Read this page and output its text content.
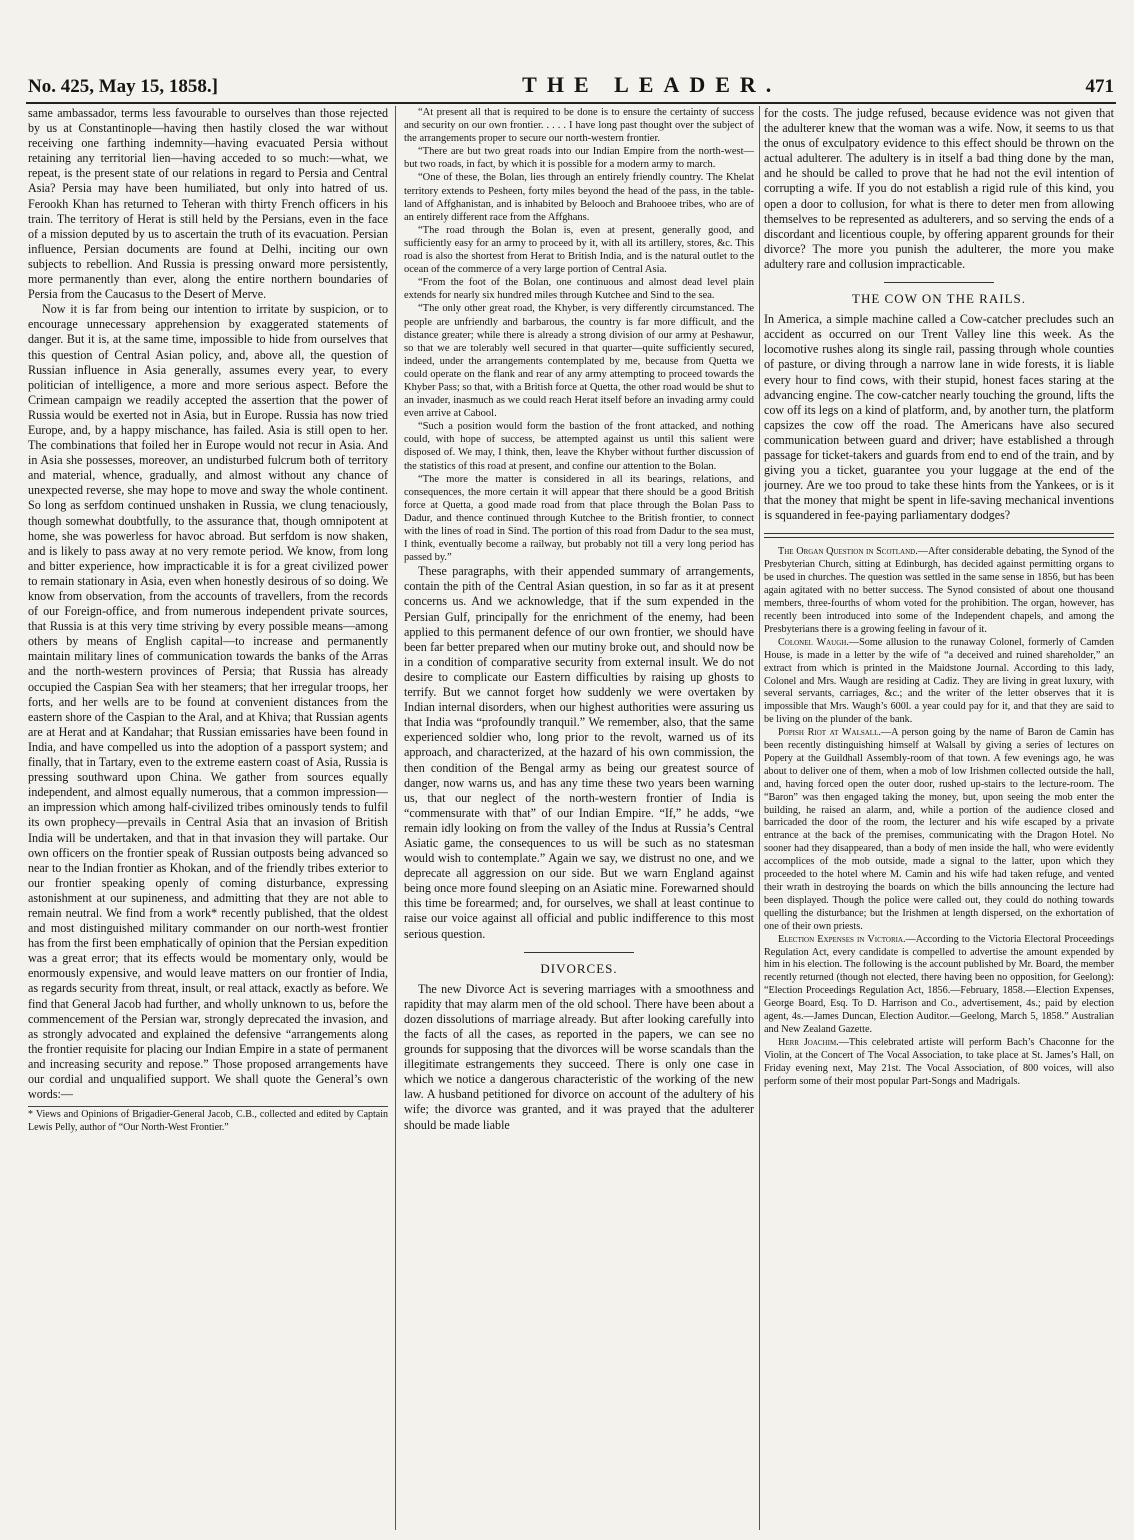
No. 425, May 15, 1858.]	THE LEADER.	471

same ambassador, terms less favourable to ourselves than those rejected by us at Constantinople—having then hastily closed the war without receiving one farthing indemnity—having evacuated Persia without retaining any territorial lien—having acceded to so much:—what, we repeat, is the present state of our relations in regard to Persia and Central Asia? Persia may have been humiliated, but only into hatred of us. Ferookh Khan has returned to Teheran with thirty French officers in his train. The territory of Herat is still held by the Persians, even in the face of a mission deputed by us to ascertain the truth of its evacuation. Persian influence, Persian documents are found at Delhi, inciting our own subjects to rebellion. And Russia is pressing onward more persistently, more permanently than ever, along the entire northern boundaries of Persia from the Caucasus to the Desert of Merve.

Now it is far from being our intention to irritate by suspicion, or to encourage unnecessary apprehension by exaggerated statements of danger. But it is, at the same time, impossible to hide from ourselves that this question of Central Asian policy, and, above all, the question of Russian influence in Asia generally, assumes every year, to every politician of intelligence, a more and more serious aspect. Before the Crimean campaign we readily accepted the assertion that the power of Russia would be exerted not in Asia, but in Europe. Russia has now tried Europe, and, by a happy mischance, has failed. Asia is still open to her. The combinations that foiled her in Europe would not recur in Asia. And in Asia she possesses, moreover, an undisturbed fulcrum both of territory and material, whence, gradually, and almost without any chance of unexpected reverse, she may hope to move and sway the whole continent. So long as serfdom continued unshaken in Russia, we clung tenaciously, though somewhat doubtfully, to the assurance that, though omnipotent at home, she was powerless for havoc abroad. But serfdom is now shaken, and is likely to pass away at no very remote period. We know, from long and bitter experience, how impracticable it is for a great civilized power to remain stationary in Asia, even when honestly desirous of so doing. We know from observation, from the accounts of travellers, from the records of our Foreign-office, and from numerous independent private sources, that Russia is at this very time striving by every possible means—among others by means of English capital—to increase and permanently maintain military lines of communication towards the banks of the Arras and the north-western provinces of Persia; that Russia has already occupied the Caspian Sea with her steamers; that her irregular troops, her forts, and her wells are to be found at convenient distances from the eastern shore of the Caspian to the Aral, and at Khiva; that Russian agents are at Herat and at Kandahar; that Russian emissaries have been found in India, and have compelled us into the adoption of a passport system; and finally, that in Tartary, even to the extreme eastern coast of Asia, Russia is pressing southward upon China. We gather from sources equally independent, and almost equally numerous, that a common impression—an impression which among half-civilized tribes ominously tends to fulfil its own prophecy—prevails in Central Asia that an invasion of British India will be undertaken, and that in that invasion they will partake. Our own officers on the frontier speak of Russian outposts being advanced so near to the Indian frontier as Khokan, and of the friendly tribes exterior to our frontier speaking openly of coming disturbance, expressing astonishment at our supineness, and admitting that they are not able to remain neutral. We find from a work* recently published, that the oldest and most distinguished military commander on our north-west frontier has from the first been emphatically of opinion that the Persian expedition was a great error; that its effects would be momentary only, would be enormously expensive, and would leave matters on our frontier of India, as regards security from threat, insult, or real attack, exactly as before. We find that General Jacob had further, and wholly unknown to us, before the commencement of the Persian war, strongly deprecated the invasion, and as strongly advocated and explained the defensive “arrangements along the frontier requisite for placing our Indian Empire in a state of permanent and increasing security and repose.” Those proposed arrangements have our cordial and unqualified support. We shall quote the General’s own words:—

* Views and Opinions of Brigadier-General Jacob, C.B., collected and edited by Captain Lewis Pelly, author of “Our North-West Frontier.”

“At present all that is required to be done is to ensure the certainty of success and security on our own frontier. . . . . I have long past thought over the subject of the arrangements proper to secure our north-western frontier.

“There are but two great roads into our Indian Empire from the north-west—but two roads, in fact, by which it is possible for a modern army to march.

“One of these, the Bolan, lies through an entirely friendly country. The Khelat territory extends to Pesheen, forty miles beyond the head of the pass, in the table-land of Affghanistan, and is inhabited by Belooch and Brahooee tribes, who are of an entirely different race from the Affghans.

“The road through the Bolan is, even at present, generally good, and sufficiently easy for an army to proceed by it, with all its artillery, stores, &c. This road is also the shortest from Herat to British India, and is the natural outlet to the ocean of the commerce of a very large portion of Central Asia.

“From the foot of the Bolan, one continuous and almost dead level plain extends for nearly six hundred miles through Kutchee and Sind to the sea.

“The only other great road, the Khyber, is very differently circumstanced. The people are unfriendly and barbarous, the country is far more difficult, and the distance greater; while there is already a strong division of our army at Peshawur, so that we are tolerably well secured in that quarter—quite sufficiently secured, indeed, under the arrangements contemplated by me, because from Quetta we could operate on the flank and rear of any army attempting to proceed towards the Khyber Pass; so that, with a British force at Quetta, the other road would be shut to an invader, inasmuch as we could reach Herat itself before an invading army could even arrive at Cabool.

“Such a position would form the bastion of the front attacked, and nothing could, with hope of success, be attempted against us until this salient were disposed of. We may, I think, then, leave the Khyber without further discussion of the statistics of this road at present, and confine our attention to the Bolan.

“The more the matter is considered in all its bearings, relations, and consequences, the more certain it will appear that there should be a good British force at Quetta, a good made road from that place through the Bolan Pass to Dadur, and thence continued through Kutchee to the British frontier, to connect with the lines of road in Sind. The portion of this road from Dadur to the sea must, I think, eventually become a railway, but probably not till a very long period has passed by.”

These paragraphs, with their appended summary of arrangements, contain the pith of the Central Asian question, in so far as it at present concerns us. And we acknowledge, that if the sum expended in the Persian Gulf, principally for the enrichment of the enemy, had been applied to this permanent defence of our own frontier, we should have been far better prepared when our mutiny broke out, and should now be in a condition of comparative security from external insult. We do not desire to complicate our Eastern difficulties by raising up ghosts to terrify. But we cannot forget how suddenly we were overtaken by Indian internal disorders, when our highest authorities were assuring us that India was “profoundly tranquil.” We remember, also, that the same experienced soldier who, long prior to the revolt, warned us of its approach, and characterized, at the hazard of his own commission, the then condition of the Bengal army as being our greatest source of danger, now warns us, and has any time these two years been warning us, that our neglect of the north-western frontier of India is “commensurate with that” of our Indian Empire. “If,” he adds, “we remain idly looking on from the valley of the Indus at Russia’s Central Asiatic game, the consequences to us will be such as no statesman would wish to contemplate.” Again we say, we distrust no one, and we deprecate all aggression on our side. But we warn England against being once more found sleeping on an Asiatic mine. Forewarned should this time be forearmed; and, for ourselves, we shall at least continue to raise our voice against all official and public indifference to this most serious question.

DIVORCES.

The new Divorce Act is severing marriages with a smoothness and rapidity that may alarm men of the old school. There have been about a dozen dissolutions of marriage already. But after looking carefully into the facts of all the cases, as reported in the papers, we can see no grounds for supposing that the divorces will be worse scandals than the illegitimate estrangements they succeed. There is only one case in which we notice a dangerous characteristic of the working of the new law. A husband petitioned for divorce on account of the adultery of his wife; the divorce was granted, and it was prayed that the adulterer should be made liable

for the costs. The judge refused, because evidence was not given that the adulterer knew that the woman was a wife. Now, it seems to us that the onus of exculpatory evidence to this effect should be thrown on the actual adulterer. The adultery is in itself a bad thing done by the man, and he should be called to prove that he had not the evil intention of corrupting a wife. If you do not establish a rigid rule of this kind, you open a door to collusion, for what is there to deter men from allowing themselves to be represented as adulterers, and so serving the ends of a discordant and licentious couple, by offering apparent grounds for their divorce? The more you punish the adulterer, the more you make adultery rare and collusion impracticable.

THE COW ON THE RAILS.

In America, a simple machine called a Cow-catcher precludes such an accident as occurred on our Trent Valley line this week. As the locomotive rushes along its single rail, passing through whole counties of pasture, or diving through a narrow lane in wide forests, it is liable every hour to find cows, with their stupid, honest faces staring at the advancing engine. The cow-catcher nearly touching the ground, lifts the cow off its legs on a kind of platform, and, by another turn, the platform capsizes the cow off the road. The Americans have also secured communication between guard and driver; have established a through passage for ticket-takers and guards from end to end of the train, and by giving you a ticket, guarantee you your luggage at the end of the journey. Are we too proud to take these hints from the Yankees, or is it that the money that might be spent in life-saving mechanical inventions is squandered in fee-paying parliamentary dodges?

The Organ Question in Scotland.—After considerable debating, the Synod of the Presbyterian Church, sitting at Edinburgh, has decided against permitting organs to be used in churches. The question was settled in the same sense in 1856, but has been again agitated with no better success. The Synod consisted of about one thousand members, three-fourths of whom voted for the prohibition. The organ, however, has recently been introduced into some of the Independent chapels, and among the Presbyterians there is a growing feeling in favour of it.

Colonel Waugh.—Some allusion to the runaway Colonel, formerly of Camden House, is made in a letter by the wife of “a deceived and ruined shareholder,” an extract from which is printed in the Maidstone Journal. According to this lady, Colonel and Mrs. Waugh are residing at Cadiz. They are living in great luxury, with several servants, carriages, &c.; and the writer of the letter observes that it is impossible that Mrs. Waugh’s 600l. a year could pay for it, and that they are said to be living on the plunder of the bank.

Popish Riot at Walsall.—A person going by the name of Baron de Camin has been recently distinguishing himself at Walsall by giving a series of lectures on Popery at the Guildhall Assembly-room of that town. A few evenings ago, he was about to deliver one of them, when a mob of low Irishmen collected outside the hall, and, having forced open the outer door, rushed up-stairs to the lecture-room. The “Baron” was then engaged taking the money, but, upon seeing the mob enter the building, he raised an alarm, and, while a portion of the audience closed and barricaded the door of the room, the lecturer and his wife escaped by a private entrance at the back of the premises, communicating with the Dragon Hotel. No sooner had they disappeared, than a body of men inside the hall, who were evidently accomplices of the mob outside, made a signal to the latter, upon which they proceeded to the hotel where M. Camin and his wife had taken refuge, and vented their wrath in destroying the boards on which the bills announcing the lecture had been displayed. Though the police were called out, they could do nothing towards quelling the disturbance; but the Irishmen at length dispersed, on the exhortation of one of their own priests.

Election Expenses in Victoria.—According to the Victoria Electoral Proceedings Regulation Act, every candidate is compelled to advertise the amount expended by him in his election. The following is the account published by Mr. Board, the member recently returned (though not elected, there having been no opposition, for Geelong): “Election Proceedings Regulation Act, 1856.—February, 1858.—Election Expenses, George Board, Esq. To D. Harrison and Co., advertisement, 4s.; paid by election agent, 4s.—James Duncan, Election Auditor.—Geelong, March 5, 1858.” Australian and New Zealand Gazette.

Herr Joachim.—This celebrated artiste will perform Bach’s Chaconne for the Violin, at the Concert of The Vocal Association, to take place at St. James’s Hall, on Friday evening next, May 21st. The Vocal Association, of 800 voices, will also perform some of their most popular Part-Songs and Madrigals.
